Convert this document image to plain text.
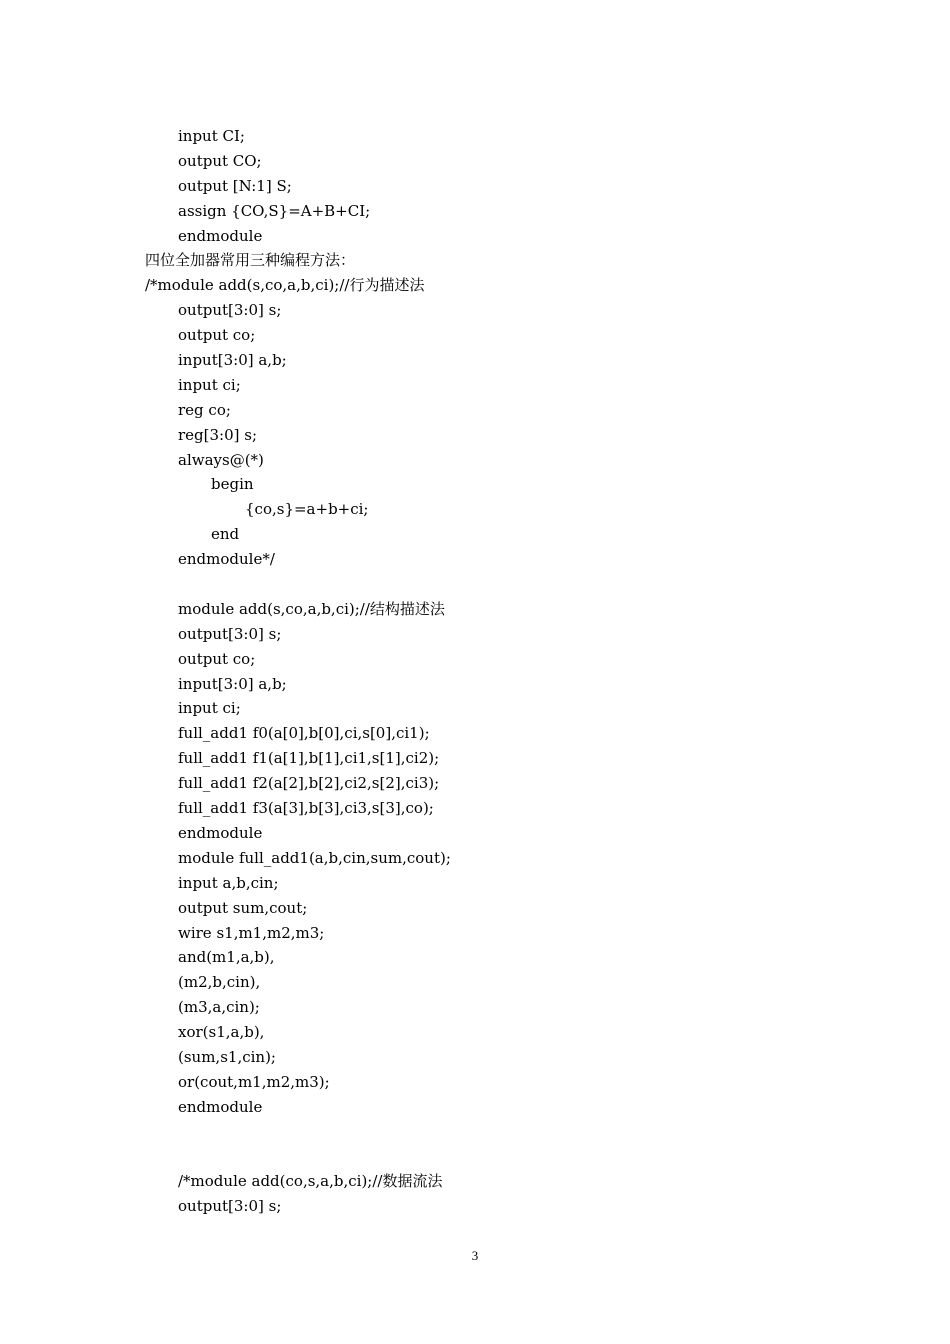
input CI;
output CO;
output [N:1] S;
assign {CO,S}=A+B+CI;
endmodule
四位全加器常用三种编程方法：
/*module add(s,co,a,b,ci);//行为描述法
output[3:0] s;
output co;
input[3:0] a,b;
input ci;
reg co;
reg[3:0] s;
always@(*)
begin
{co,s}=a+b+ci;
end
endmodule*/
module add(s,co,a,b,ci);//结构描述法
output[3:0] s;
output co;
input[3:0] a,b;
input ci;
full_add1 f0(a[0],b[0],ci,s[0],ci1);
full_add1 f1(a[1],b[1],ci1,s[1],ci2);
full_add1 f2(a[2],b[2],ci2,s[2],ci3);
full_add1 f3(a[3],b[3],ci3,s[3],co);
endmodule
module full_add1(a,b,cin,sum,cout);
input a,b,cin;
output sum,cout;
wire s1,m1,m2,m3;
and(m1,a,b),
(m2,b,cin),
(m3,a,cin);
xor(s1,a,b),
(sum,s1,cin);
or(cout,m1,m2,m3);
endmodule
/*module add(co,s,a,b,ci);//数据流法
output[3:0] s;
3
